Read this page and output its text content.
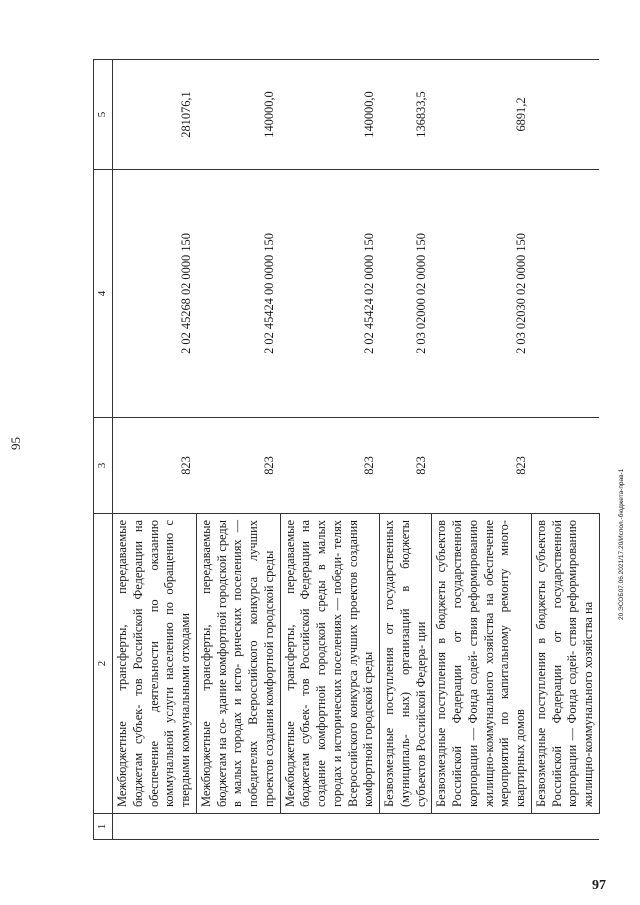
95
1	2	3	4	5
	Межбюджетные трансферты, передаваемые бюджетам субъек- тов Российской Федерации на обеспечение деятельности по оказанию коммунальной услуги населению по обращению с твердыми коммунальными отходами	823	2 02 45268 02 0000 150	281076,1
	Межбюджетные трансферты, передаваемые бюджетам на со- здание комфортной городской среды в малых городах и исто- рических поселениях — победителях Всероссийского конкурса лучших проектов создания комфортной городской среды	823	2 02 45424 00 0000 150	140000,0
	Межбюджетные трансферты, передаваемые бюджетам субъек- тов Российской Федерации на создание комфортной городской среды в малых городах и исторических поселениях — победи- телях Всероссийского конкурса лучших проектов создания комфортной городской среды	823	2 02 45424 02 0000 150	140000,0
	Безвозмездные поступления от государственных (муниципаль- ных) организаций в бюджеты субъектов Российской Федера- ции	823	2 03 02000 02 0000 150	136833,5
	Безвозмездные поступления в бюджеты субъектов Российской Федерации от государственной корпорации — Фонда содей- ствия реформированию жилищно-коммунального хозяйства на обеспечение мероприятий по капитальному ремонту много- квартирных домов	823	2 03 02030 02 0000 150	6891,2
	Безвозмездные поступления в бюджеты субъектов Российской Федерации от государственной корпорации — Фонда содей- ствия реформированию жилищно-коммунального хозяйства на			
20.ЭСОБ07.06.2021/17.20/Испол.-бюджета-прав-1
97
